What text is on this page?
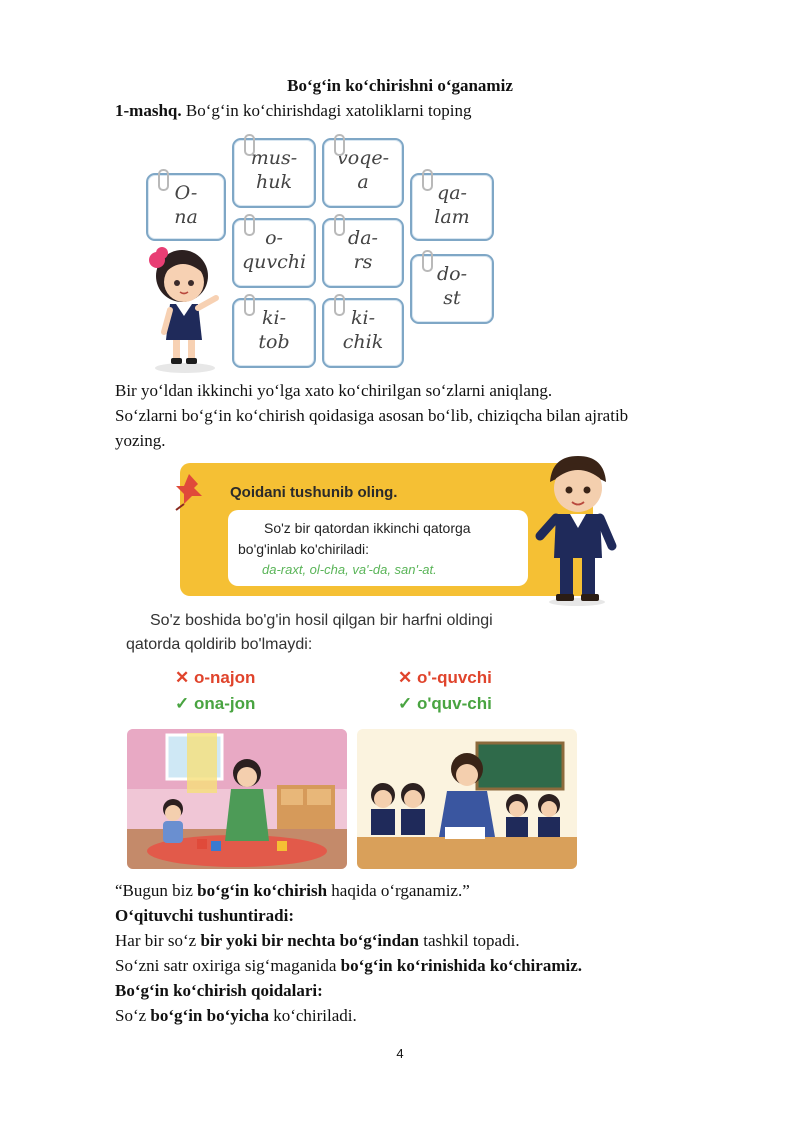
Bo‘g‘in ko‘chirishni o‘ganamiz
1-mashq. Bo‘g‘in ko‘chirishdagi xatoliklarni toping
O-
na
mus-
huk
voqe-
a	qa-
lam
o-
quvchi
da-
rs
do-
st
ki-
tob
ki-
chik
Bir yo‘ldan ikkinchi yo‘lga xato ko‘chirilgan so‘zlarni aniqlang.
So‘zlarni bo‘g‘in ko‘chirish qoidasiga asosan bo‘lib, chiziqcha bilan ajratib
yozing.
Qoidani tushunib oling.
So'z bir qatordan ikkinchi qatorga
bo'g'inlab ko'chiriladi:
da-raxt, ol-cha, va'-da, san'-at.
So'z boshida bo'g'in hosil qilgan bir harfni oldingi
qatorda qoldirib bo'lmaydi:
✕ o-najon
✓ ona-jon
✕ o'-quvchi
✓ o'quv-chi
“Bugun biz bo‘g‘in ko‘chirish haqida o‘rganamiz.”
O‘qituvchi tushuntiradi:
Har bir so‘z bir yoki bir nechta bo‘g‘indan tashkil topadi.
So‘zni satr oxiriga sig‘maganida bo‘g‘in ko‘rinishida ko‘chiramiz.
Bo‘g‘in ko‘chirish qoidalari:
So‘z bo‘g‘in bo‘yicha ko‘chiriladi.
4
